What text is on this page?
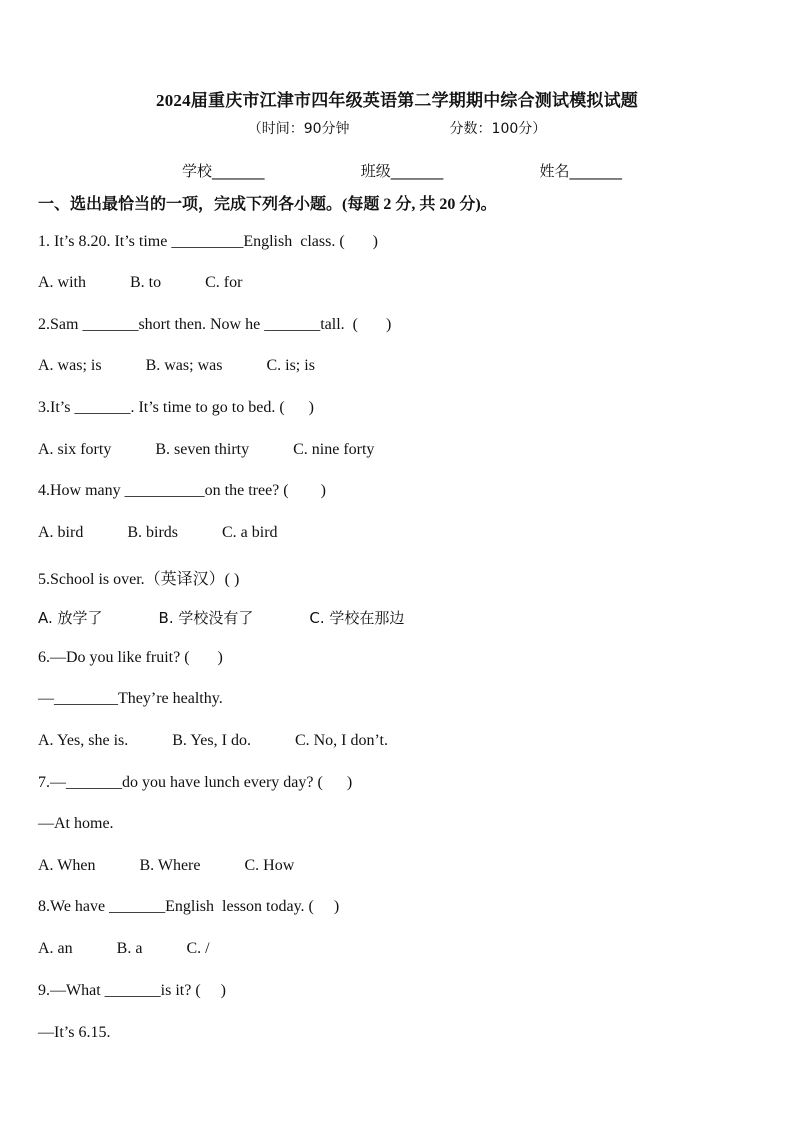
2024届重庆市江津市四年级英语第二学期期中综合测试模拟试题
（时间：90分钟	分数：100分）
学校_______	班级_______	姓名_______
一、选出最恰当的一项，完成下列各小题。(每题 2 分, 共 20 分)。
1. It’s 8.20. It’s time _________English  class. (       )
A. with	B. to	C. for
2.Sam _______short then. Now he _______tall.  (       )
A. was; is	B. was; was	C. is; is
3.It’s _______. It’s time to go to bed. (      )
A. six forty	B. seven thirty	C. nine forty
4.How many __________on the tree? (        )
A. bird	B. birds	C. a bird
5.School is over.（英译汉）( )
A. 放学了	B. 学校没有了	C. 学校在那边
6.—Do you like fruit? (       )
—________They’re healthy.
A. Yes, she is.	B. Yes, I do.	C. No, I don’t.
7.—_______do you have lunch every day? (      )
—At home.
A. When	B. Where	C. How
8.We have _______English  lesson today. (     )
A. an	B. a	C. /
9.—What _______is it? (     )
—It’s 6.15.
